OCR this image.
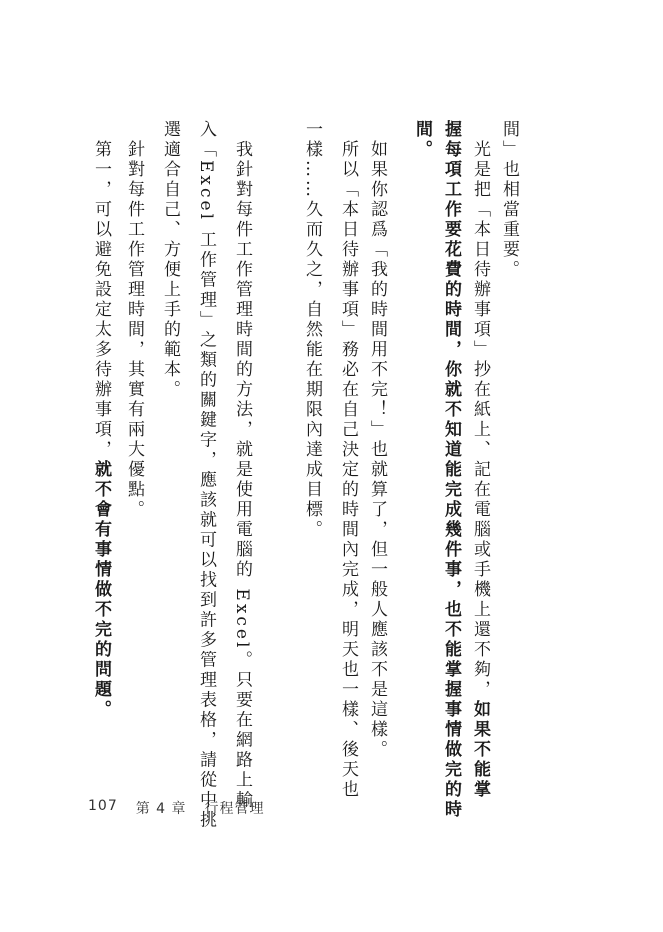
間」也相當重要。
光是把「本日待辦事項」抄在紙上、記在電腦或手機上還不夠，如果不能掌
握每項工作要花費的時間，你就不知道能完成幾件事，也不能掌握事情做完的時
間。
如果你認爲「我的時間用不完！」也就算了，但一般人應該不是這樣。
所以「本日待辦事項」務必在自己決定的時間內完成，明天也一樣、後天也
一樣……久而久之，自然能在期限內達成目標。
我針對每件工作管理時間的方法，就是使用電腦的 Excel。只要在網路上輸
入「Excel 工作管理」之類的關鍵字，應該就可以找到許多管理表格，請從中挑
選適合自己、方便上手的範本。
針對每件工作管理時間，其實有兩大優點。
第一，可以避免設定太多待辦事項，就不會有事情做不完的問題。
107 第 4 章 行程管理
